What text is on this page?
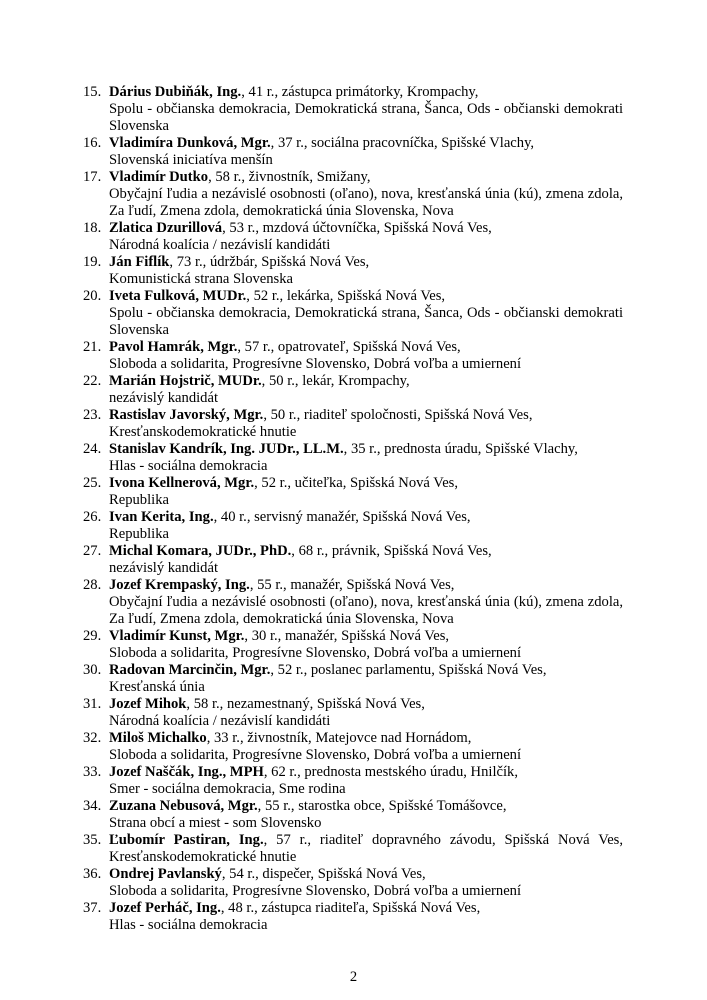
15. Dárius Dubiňák, Ing., 41 r., zástupca primátorky, Krompachy,
Spolu - občianska demokracia, Demokratická strana, Šanca, Ods - občianski demokrati
Slovenska
16. Vladimíra Dunková, Mgr., 37 r., sociálna pracovníčka, Spišské Vlachy,
Slovenská iniciatíva menšín
17. Vladimír Dutko, 58 r., živnostník, Smižany,
Obyčajní ľudia a nezávislé osobnosti (oľano), nova, kresťanská únia (kú), zmena zdola,
Za ľudí, Zmena zdola, demokratická únia Slovenska, Nova
18. Zlatica Dzurillová, 53 r., mzdová účtovníčka, Spišská Nová Ves,
Národná koalícia / nezávislí kandidáti
19. Ján Fiflík, 73 r., údržbár, Spišská Nová Ves,
Komunistická strana Slovenska
20. Iveta Fulková, MUDr., 52 r., lekárka, Spišská Nová Ves,
Spolu - občianska demokracia, Demokratická strana, Šanca, Ods - občianski demokrati
Slovenska
21. Pavol Hamrák, Mgr., 57 r., opatrovateľ, Spišská Nová Ves,
Sloboda a solidarita, Progresívne Slovensko, Dobrá voľba a umiernení
22. Marián Hojstrič, MUDr., 50 r., lekár, Krompachy,
nezávislý kandidát
23. Rastislav Javorský, Mgr., 50 r., riaditeľ spoločnosti, Spišská Nová Ves,
Kresťanskodemokratické hnutie
24. Stanislav Kandrík, Ing. JUDr., LL.M., 35 r., prednosta úradu, Spišské Vlachy,
Hlas - sociálna demokracia
25. Ivona Kellnerová, Mgr., 52 r., učiteľka, Spišská Nová Ves,
Republika
26. Ivan Kerita, Ing., 40 r., servisný manažér, Spišská Nová Ves,
Republika
27. Michal Komara, JUDr., PhD., 68 r., právnik, Spišská Nová Ves,
nezávislý kandidát
28. Jozef Krempaský, Ing., 55 r., manažér, Spišská Nová Ves,
Obyčajní ľudia a nezávislé osobnosti (oľano), nova, kresťanská únia (kú), zmena zdola,
Za ľudí, Zmena zdola, demokratická únia Slovenska, Nova
29. Vladimír Kunst, Mgr., 30 r., manažér, Spišská Nová Ves,
Sloboda a solidarita, Progresívne Slovensko, Dobrá voľba a umiernení
30. Radovan Marcinčin, Mgr., 52 r., poslanec parlamentu, Spišská Nová Ves,
Kresťanská únia
31. Jozef Mihok, 58 r., nezamestnaný, Spišská Nová Ves,
Národná koalícia / nezávislí kandidáti
32. Miloš Michalko, 33 r., živnostník, Matejovce nad Hornádom,
Sloboda a solidarita, Progresívne Slovensko, Dobrá voľba a umiernení
33. Jozef Naščák, Ing., MPH, 62 r., prednosta mestského úradu, Hnilčík,
Smer - sociálna demokracia, Sme rodina
34. Zuzana Nebusová, Mgr., 55 r., starostka obce, Spišské Tomášovce,
Strana obcí a miest - som Slovensko
35. Ľubomír Pastiran, Ing., 57 r., riaditeľ dopravného závodu, Spišská Nová Ves,
Kresťanskodemokratické hnutie
36. Ondrej Pavlanský, 54 r., dispečer, Spišská Nová Ves,
Sloboda a solidarita, Progresívne Slovensko, Dobrá voľba a umiernení
37. Jozef Perháč, Ing., 48 r., zástupca riaditeľa, Spišská Nová Ves,
Hlas - sociálna demokracia
2
